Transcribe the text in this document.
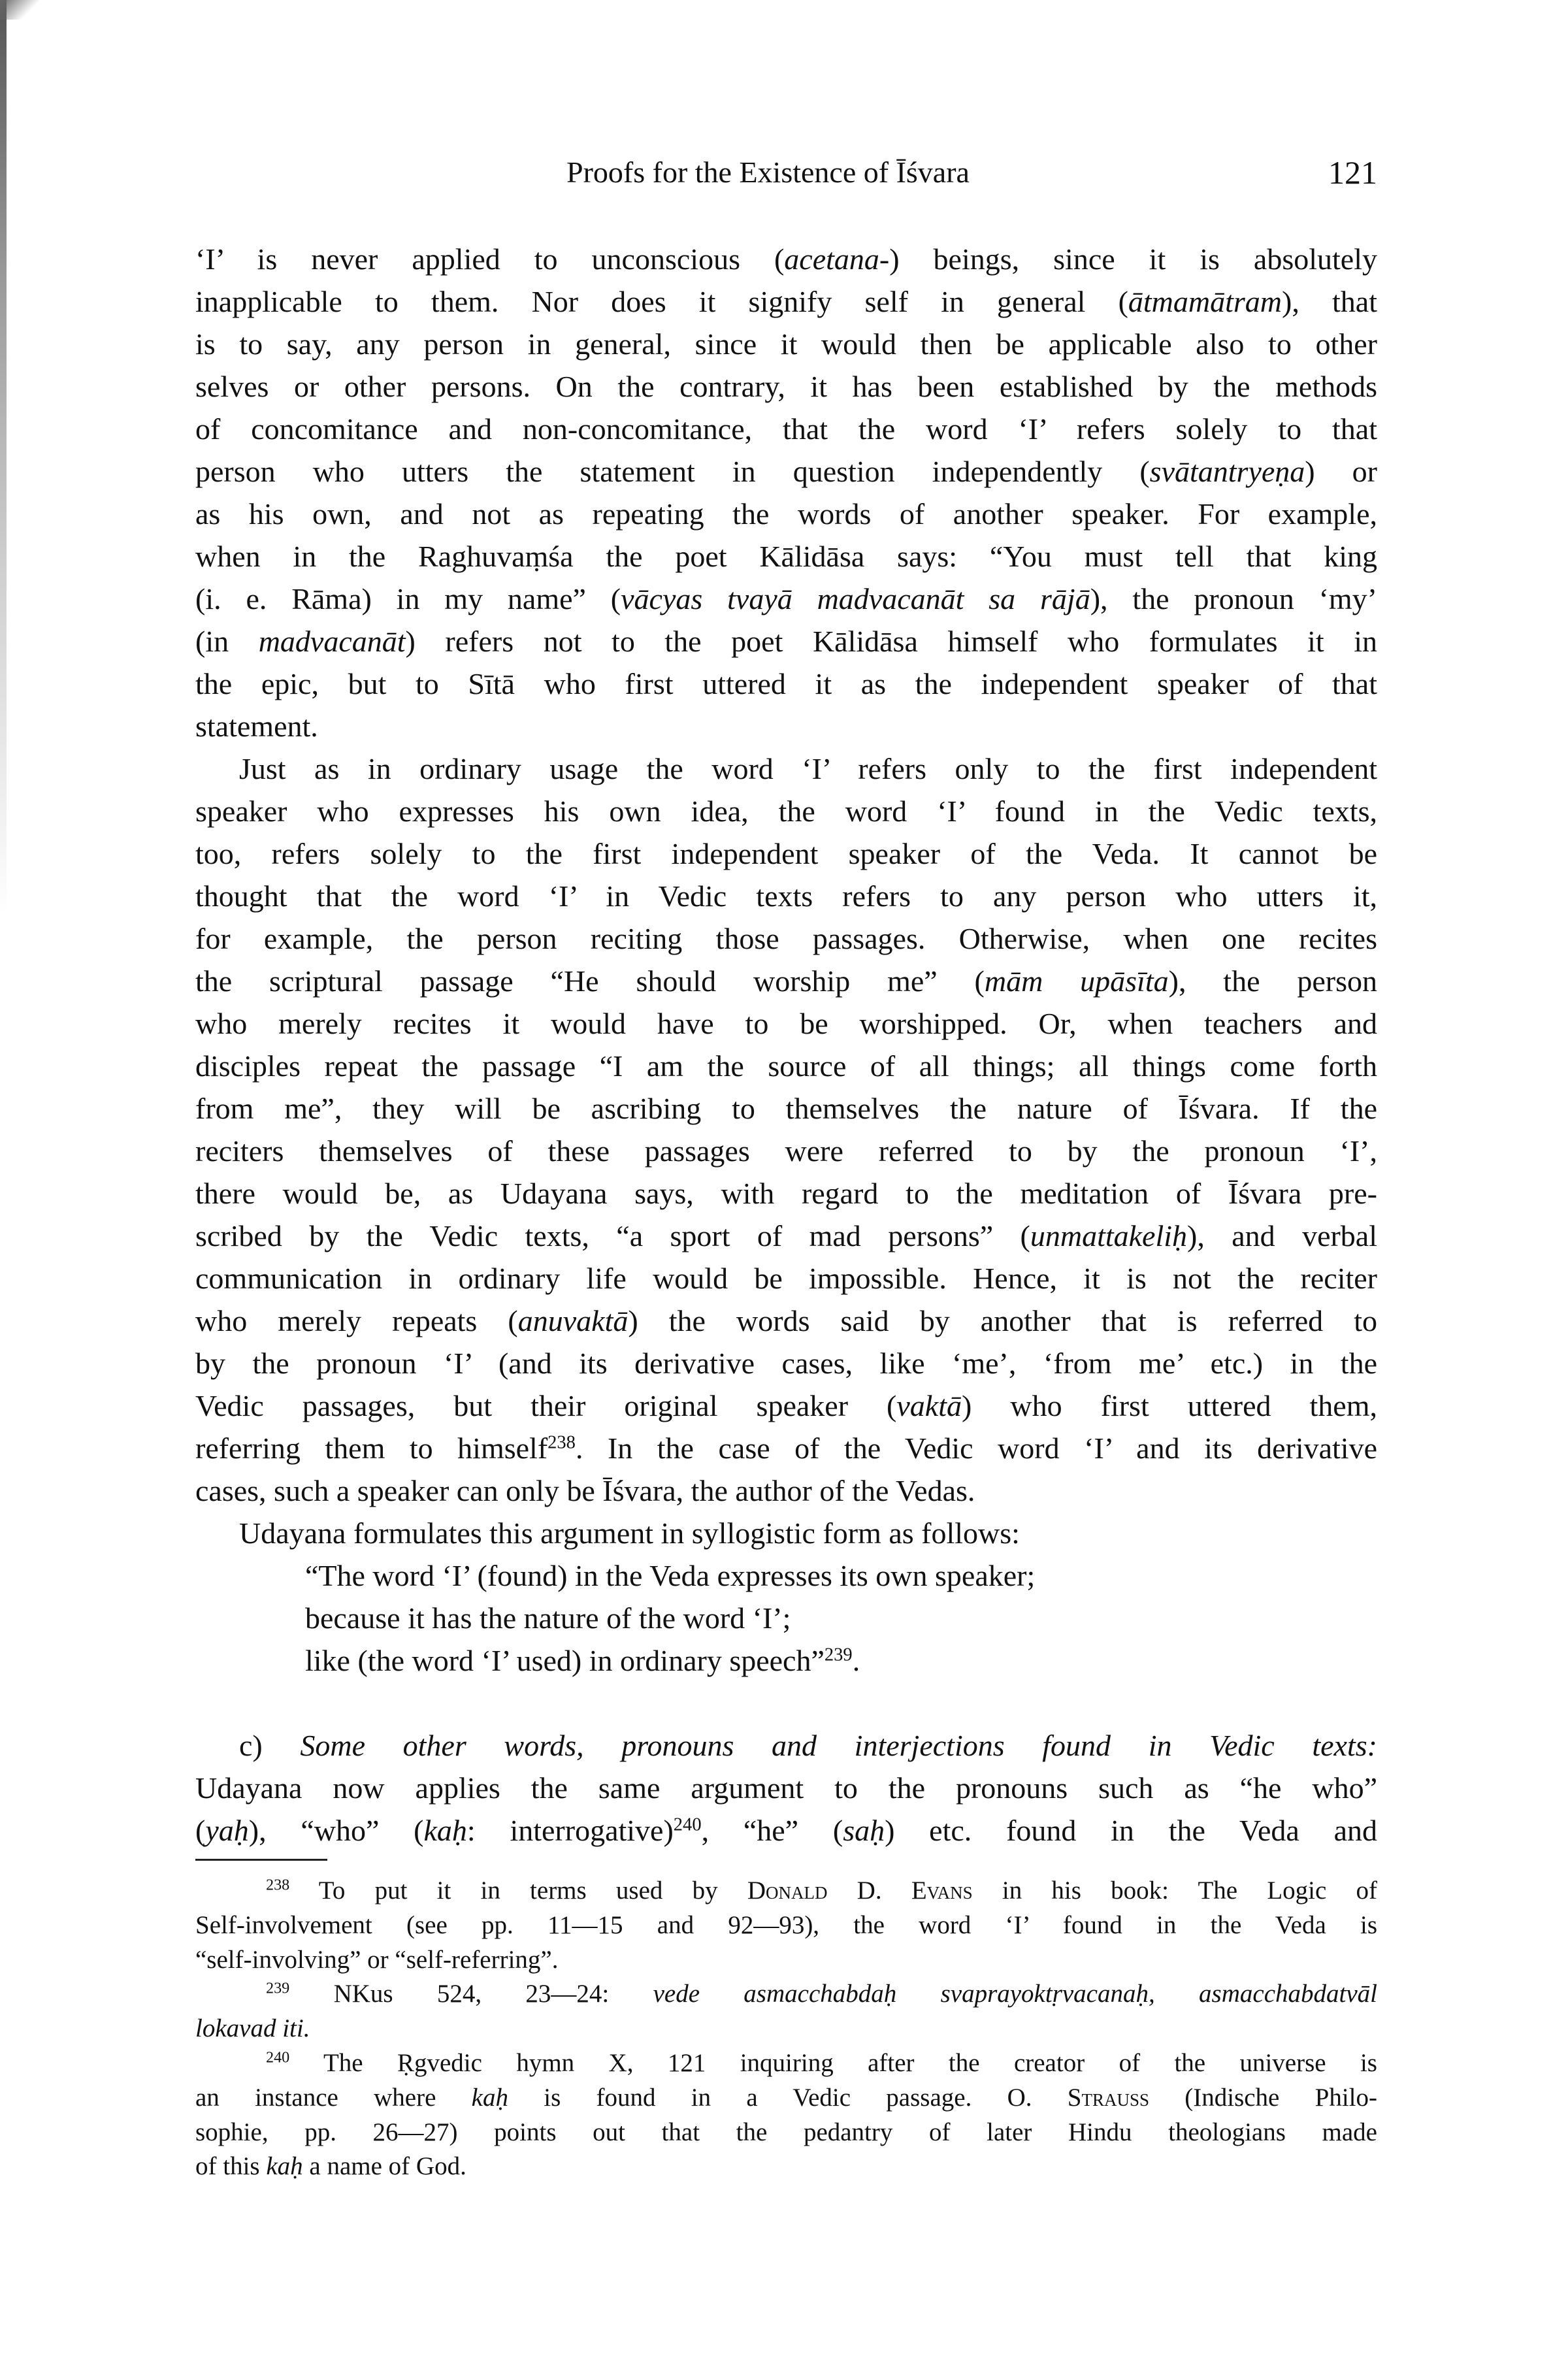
Proofs for the Existence of Īśvara	121
‘I’ is never applied to unconscious (acetana-) beings, since it is absolutely
inapplicable to them. Nor does it signify self in general (ātmamātram), that
is to say, any person in general, since it would then be applicable also to other
selves or other persons. On the contrary, it has been established by the methods
of concomitance and non-concomitance, that the word ‘I’ refers solely to that
person who utters the statement in question independently (svātantryeṇa) or
as his own, and not as repeating the words of another speaker. For example,
when in the Raghuvaṃśa the poet Kālidāsa says: “You must tell that king
(i. e. Rāma) in my name” (vācyas tvayā madvacanāt sa rājā), the pronoun ‘my’
(in madvacanāt) refers not to the poet Kālidāsa himself who formulates it in
the epic, but to Sītā who first uttered it as the independent speaker of that
statement.
Just as in ordinary usage the word ‘I’ refers only to the first independent
speaker who expresses his own idea, the word ‘I’ found in the Vedic texts,
too, refers solely to the first independent speaker of the Veda. It cannot be
thought that the word ‘I’ in Vedic texts refers to any person who utters it,
for example, the person reciting those passages. Otherwise, when one recites
the scriptural passage “He should worship me” (mām upāsīta), the person
who merely recites it would have to be worshipped. Or, when teachers and
disciples repeat the passage “I am the source of all things; all things come forth
from me”, they will be ascribing to themselves the nature of Īśvara. If the
reciters themselves of these passages were referred to by the pronoun ‘I’,
there would be, as Udayana says, with regard to the meditation of Īśvara pre-
scribed by the Vedic texts, “a sport of mad persons” (unmattakeliḥ), and verbal
communication in ordinary life would be impossible. Hence, it is not the reciter
who merely repeats (anuvaktā) the words said by another that is referred to
by the pronoun ‘I’ (and its derivative cases, like ‘me’, ‘from me’ etc.) in the
Vedic passages, but their original speaker (vaktā) who first uttered them,
referring them to himself$^{238}$. In the case of the Vedic word ‘I’ and its derivative
cases, such a speaker can only be Īśvara, the author of the Vedas.
Udayana formulates this argument in syllogistic form as follows:
“The word ‘I’ (found) in the Veda expresses its own speaker;
because it has the nature of the word ‘I’;
like (the word ‘I’ used) in ordinary speech”$^{239}$.
c) Some other words, pronouns and interjections found in Vedic texts:
Udayana now applies the same argument to the pronouns such as “he who”
(yaḥ), “who” (kaḥ: interrogative)$^{240}$, “he” (saḥ) etc. found in the Veda and
$^{238}$ To put it in terms used by Donald D. Evans in his book: The Logic of
Self-involvement (see pp. 11—15 and 92—93), the word ‘I’ found in the Veda is
“self-involving” or “self-referring”.
$^{239}$ NKus 524, 23—24: vede asmacchabdaḥ svaprayoktṛvacanaḥ, asmacchabdatvāl
lokavad iti.
$^{240}$ The Ṛgvedic hymn X, 121 inquiring after the creator of the universe is
an instance where kaḥ is found in a Vedic passage. O. Strauss (Indische Philo-
sophie, pp. 26—27) points out that the pedantry of later Hindu theologians made
of this kaḥ a name of God.
